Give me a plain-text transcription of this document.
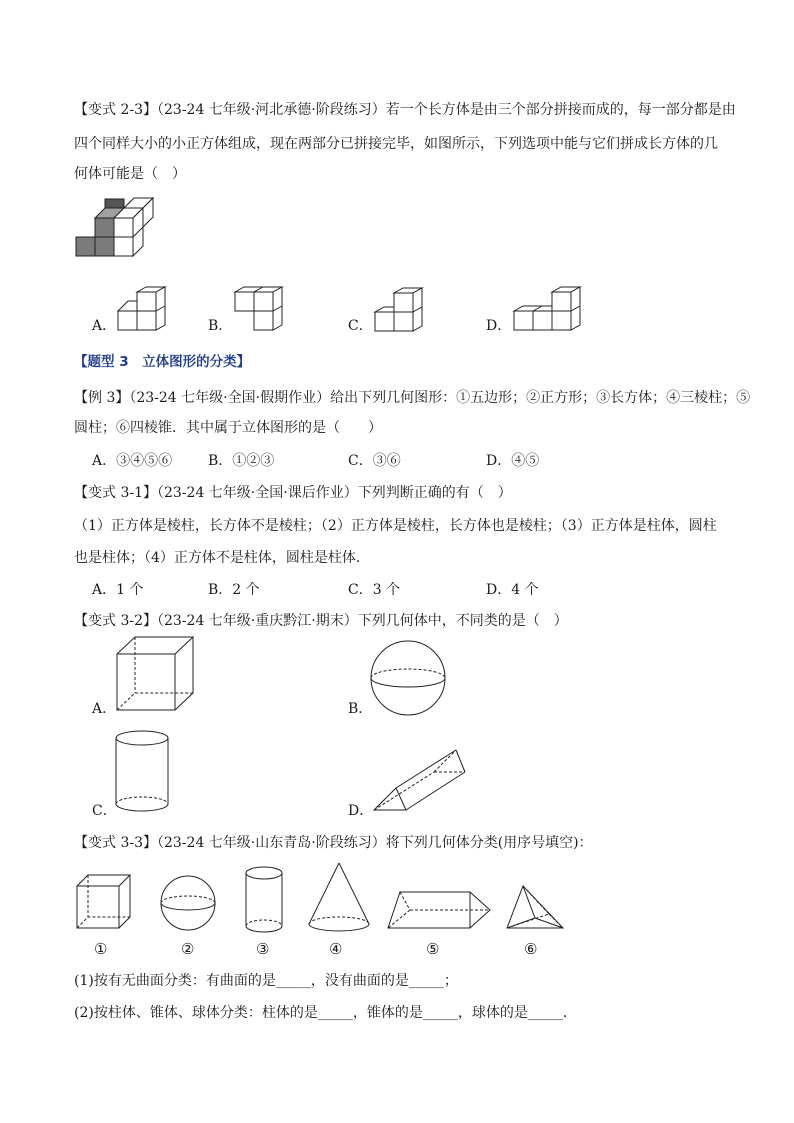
【变式 2-3】（23-24 七年级·河北承德·阶段练习）若一个长方体是由三个部分拼接而成的，每一部分都是由
四个同样大小的小正方体组成，现在两部分已拼接完毕，如图所示，下列选项中能与它们拼成长方体的几
何体可能是（　）
A．	B．	C．	D．
【题型 3　立体图形的分类】
【例 3】（23-24 七年级·全国·假期作业）给出下列几何图形：①五边形；②正方形；③长方体；④三棱柱；⑤
圆柱；⑥四棱锥．其中属于立体图形的是（　　）
A．③④⑤⑥	B．①②③	C．③⑥	D．④⑤
【变式 3-1】（23-24 七年级·全国·课后作业）下列判断正确的有（　）
（1）正方体是棱柱，长方体不是棱柱；（2）正方体是棱柱，长方体也是棱柱；（3）正方体是柱体，圆柱
也是柱体；（4）正方体不是柱体，圆柱是柱体．
A．1 个	B．2 个	C．3 个	D．4 个
【变式 3-2】（23-24 七年级·重庆黔江·期末）下列几何体中，不同类的是（　）
A．	B．
C．	D．
【变式 3-3】（23-24 七年级·山东青岛·阶段练习）将下列几何体分类(用序号填空)：
①	②	③	④	⑤	⑥
(1)按有无曲面分类：有曲面的是_____，没有曲面的是_____；
(2)按柱体、锥体、球体分类：柱体的是_____，锥体的是_____，球体的是_____．
